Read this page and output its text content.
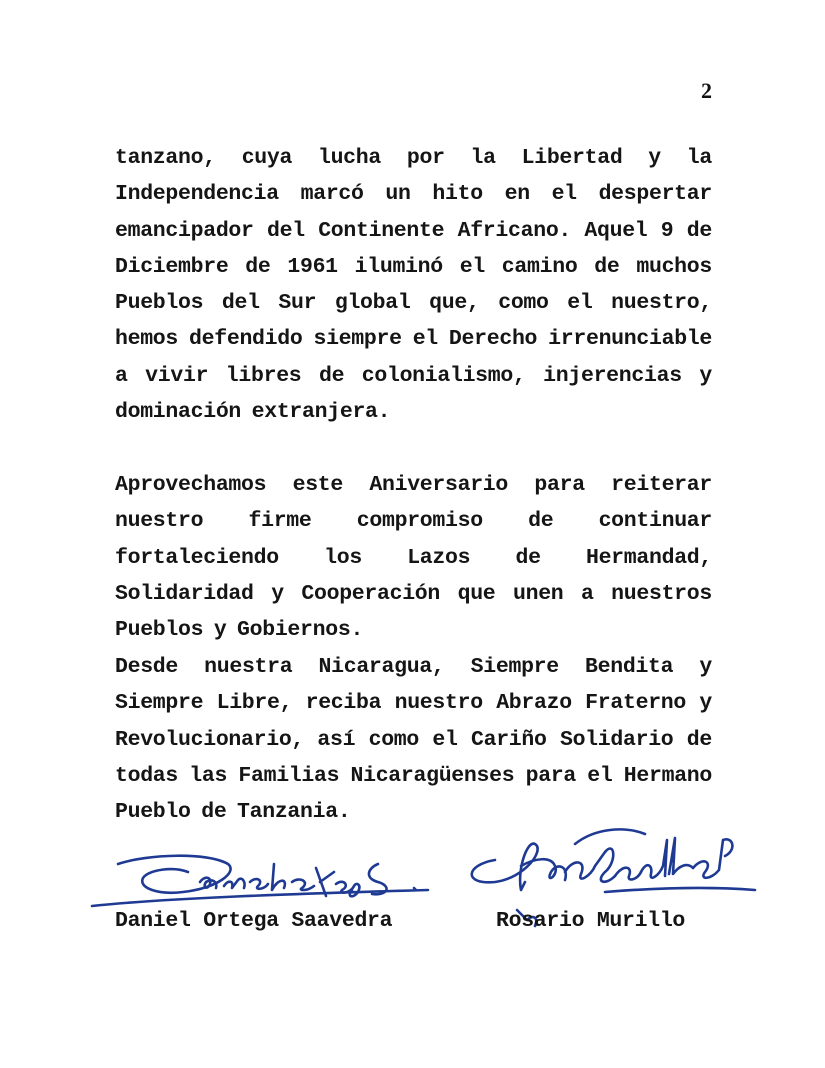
2

tanzano, cuya lucha por la Libertad y la Independencia marcó un hito en el despertar emancipador del Continente Africano. Aquel 9 de Diciembre de 1961 iluminó el camino de muchos Pueblos del Sur global que, como el nuestro, hemos defendido siempre el Derecho irrenunciable a vivir libres de colonialismo, injerencias y dominación extranjera.

Aprovechamos este Aniversario para reiterar nuestro firme compromiso de continuar fortaleciendo los Lazos de Hermandad, Solidaridad y Cooperación que unen a nuestros Pueblos y Gobiernos.

Desde nuestra Nicaragua, Siempre Bendita y Siempre Libre, reciba nuestro Abrazo Fraterno y Revolucionario, así como el Cariño Solidario de todas las Familias Nicaragüenses para el Hermano Pueblo de Tanzania.

Daniel Ortega Saavedra	Rosario Murillo
